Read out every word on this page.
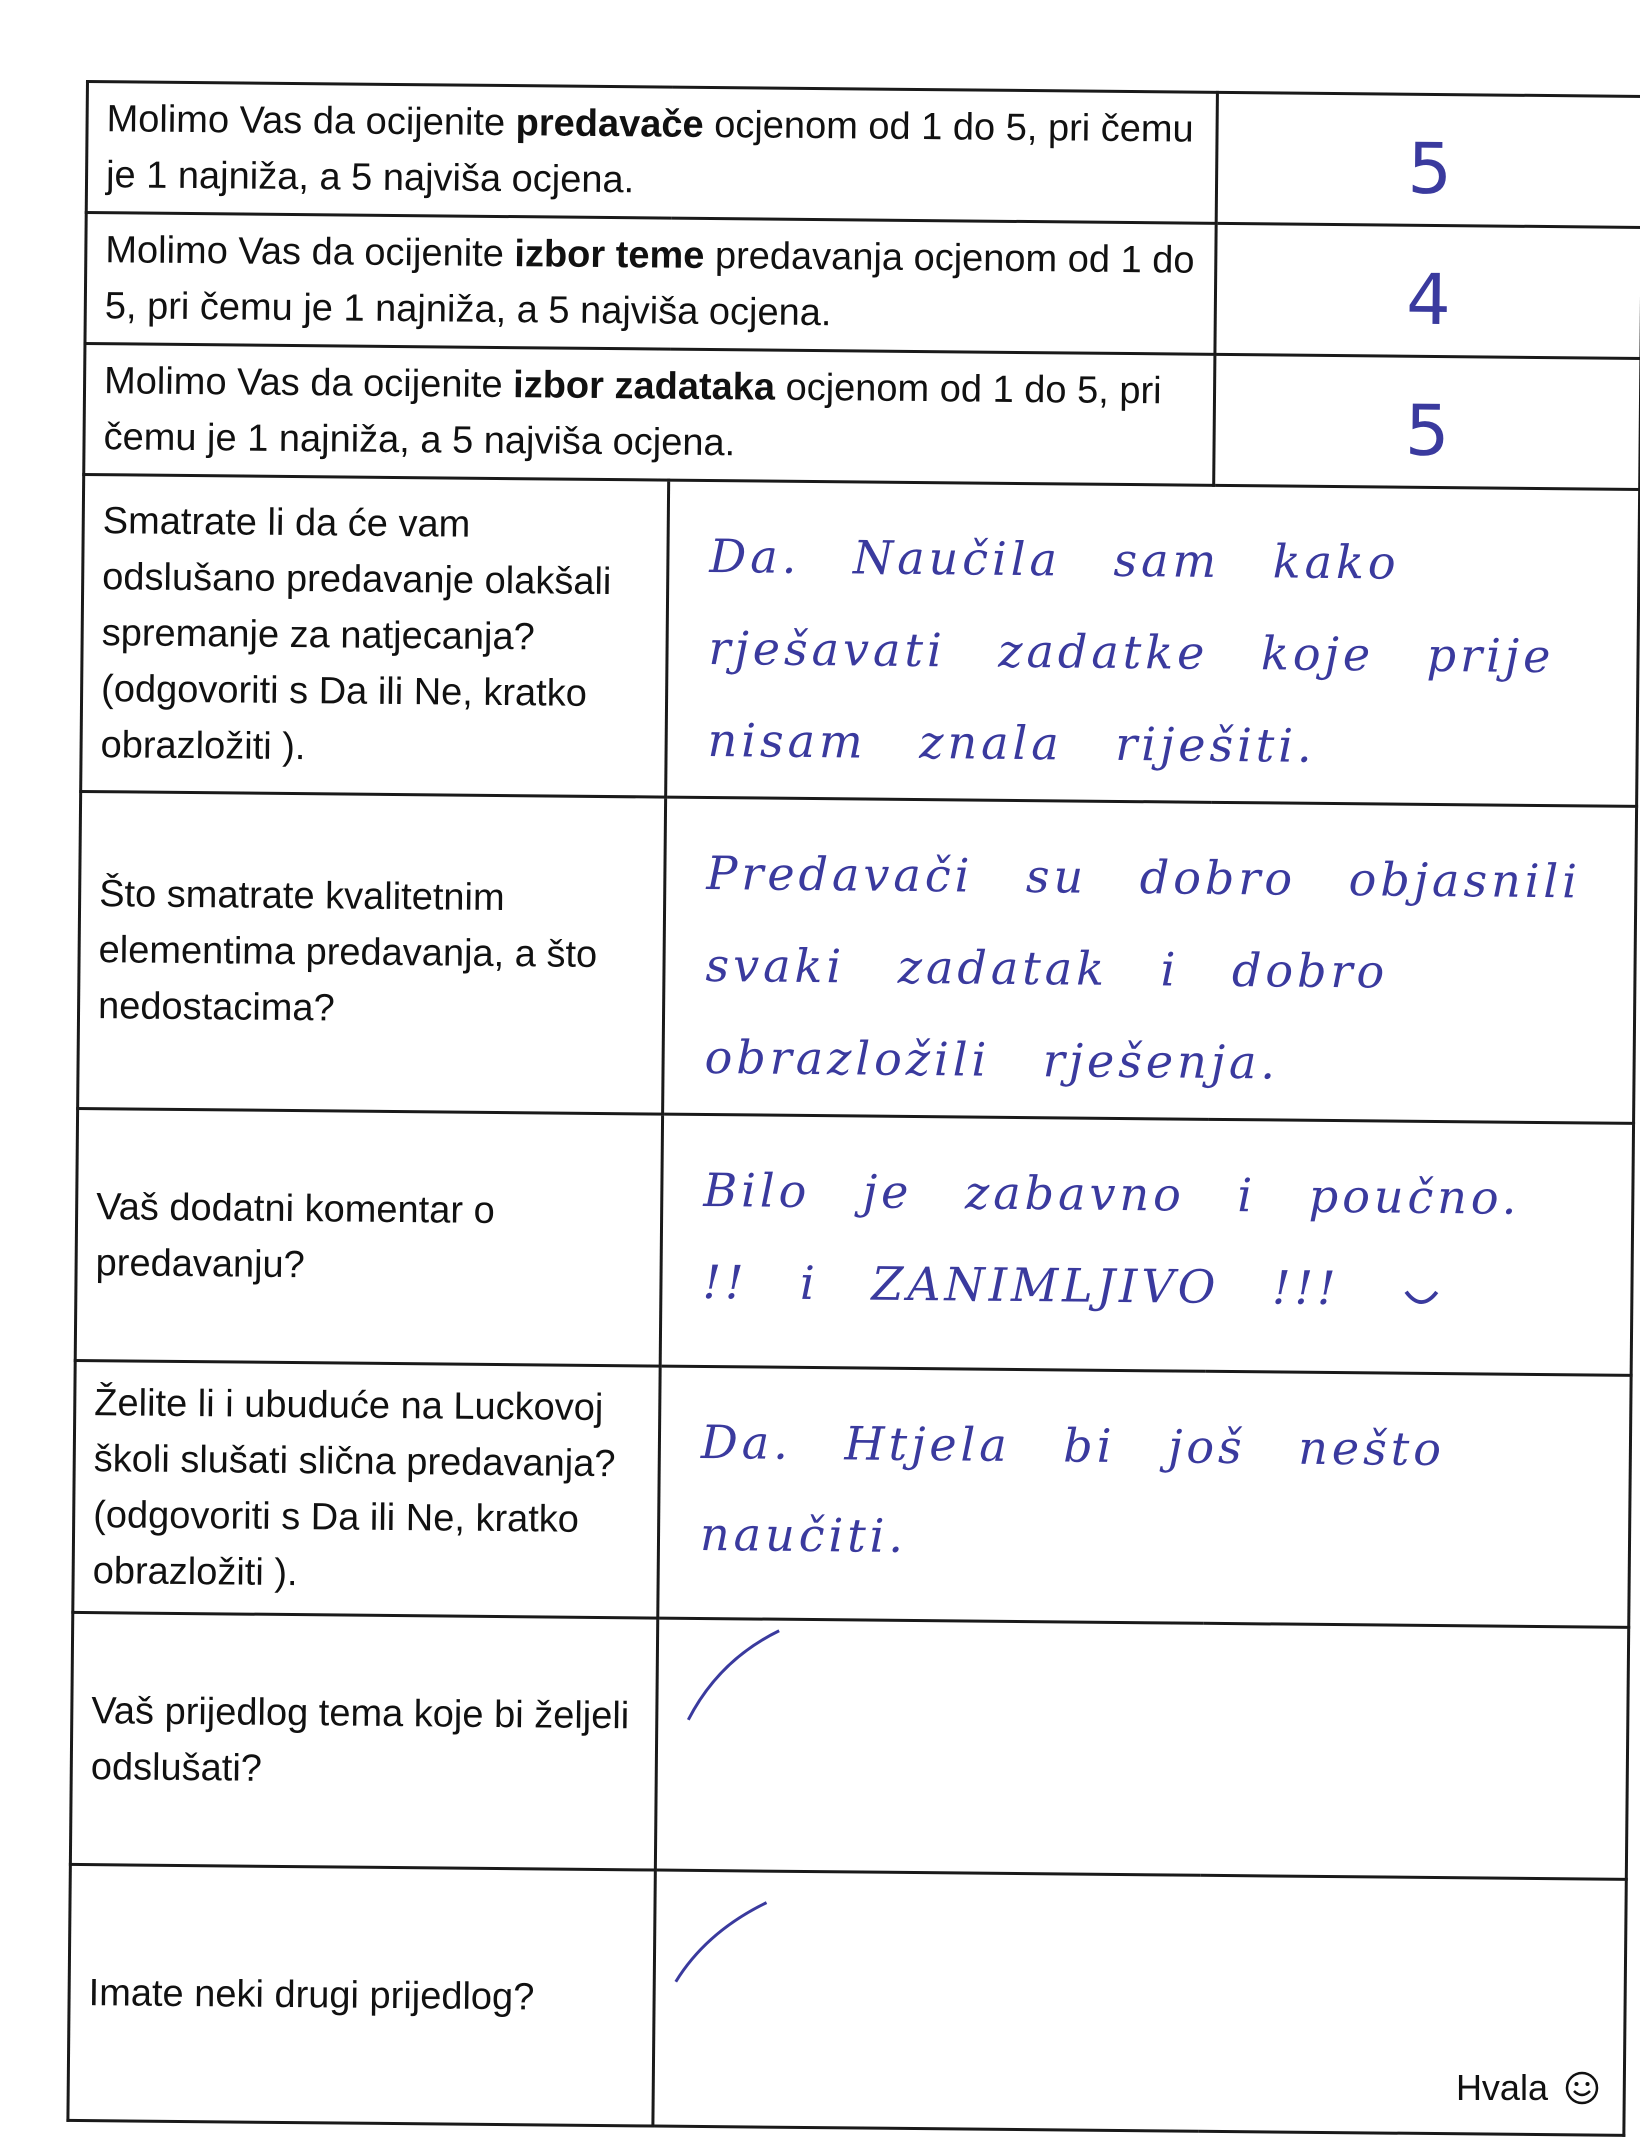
Molimo Vas da ocijenite predavače ocjenom od 1 do 5, pri čemu je 1 najniža, a 5 najviša ocjena.		5

Molimo Vas da ocijenite izbor teme predavanja ocjenom od 1 do 5, pri čemu je 1 najniža, a 5 najviša ocjena.		4

Molimo Vas da ocijenite izbor zadataka ocjenom od 1 do 5, pri čemu je 1 najniža, a 5 najviša ocjena.		5

Smatrate li da će vam odslušano predavanje olakšali spremanje za natjecanja? (odgovoriti s Da ili Ne, kratko obrazložiti ).	Da. Naučila sam kako rješavati zadatke koje prije nisam znala riješiti.	

Što smatrate kvalitetnim elementima predavanja, a što nedostacima?	Predavači su dobro objasnili svaki zadatak i dobro obrazložili rješenja.	

Vaš dodatni komentar o predavanju?	Bilo je zabavno i poučno. !! i ZANIMLJIVO !!!	

Želite li i ubuduće na Luckovoj školi slušati slična predavanja? (odgovoriti s Da ili Ne, kratko obrazložiti ).	Da. Htjela bi još nešto naučiti.	

Vaš prijedlog tema koje bi željeli odslušati?	

Imate neki drugi prijedlog?	
Hvala
